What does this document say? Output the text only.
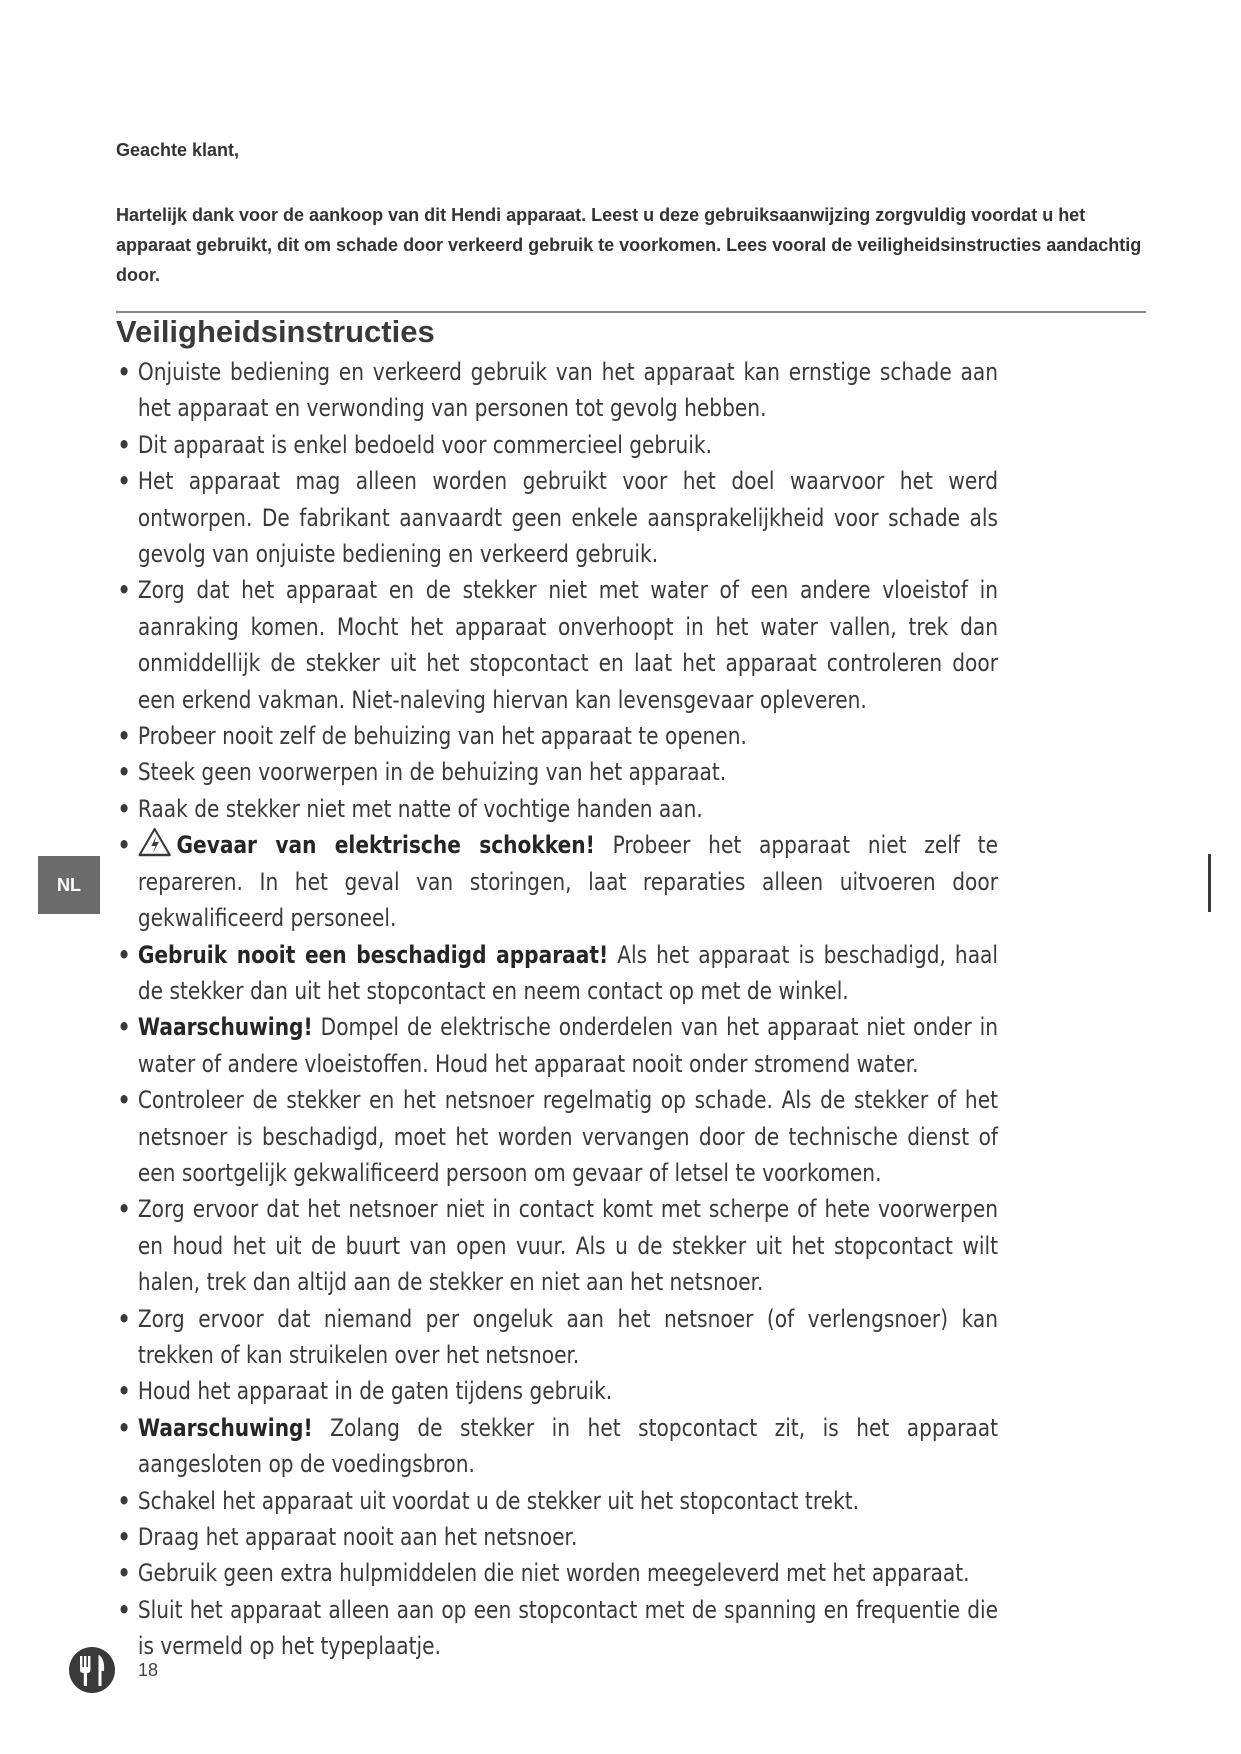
Geachte klant,
Hartelijk dank voor de aankoop van dit Hendi apparaat. Leest u deze gebruiksaanwijzing zorgvuldig voordat u het apparaat gebruikt, dit om schade door verkeerd gebruik te voorkomen. Lees vooral de veiligheidsinstructies aandachtig door.
Veiligheidsinstructies
• Onjuiste bediening en verkeerd gebruik van het apparaat kan ernstige schade aan het apparaat en verwonding van personen tot gevolg hebben.
• Dit apparaat is enkel bedoeld voor commercieel gebruik.
• Het apparaat mag alleen worden gebruikt voor het doel waarvoor het werd ontworpen. De fabrikant aanvaardt geen enkele aansprakelijkheid voor schade als gevolg van onjuiste bediening en verkeerd gebruik.
• Zorg dat het apparaat en de stekker niet met water of een andere vloeistof in aanraking komen. Mocht het apparaat onverhoopt in het water vallen, trek dan onmiddellijk de stekker uit het stopcontact en laat het apparaat controleren door een erkend vakman. Niet-naleving hiervan kan levensgevaar opleveren.
• Probeer nooit zelf de behuizing van het apparaat te openen.
• Steek geen voorwerpen in de behuizing van het apparaat.
• Raak de stekker niet met natte of vochtige handen aan.
• Gevaar van elektrische schokken! Probeer het apparaat niet zelf te repareren. In het geval van storingen, laat reparaties alleen uitvoeren door gekwalificeerd personeel.
• Gebruik nooit een beschadigd apparaat! Als het apparaat is beschadigd, haal de stekker dan uit het stopcontact en neem contact op met de winkel.
• Waarschuwing! Dompel de elektrische onderdelen van het apparaat niet onder in water of andere vloeistoffen. Houd het apparaat nooit onder stromend water.
• Controleer de stekker en het netsnoer regelmatig op schade. Als de stekker of het netsnoer is beschadigd, moet het worden vervangen door de technische dienst of een soortgelijk gekwalificeerd persoon om gevaar of letsel te voorkomen.
• Zorg ervoor dat het netsnoer niet in contact komt met scherpe of hete voorwerpen en houd het uit de buurt van open vuur. Als u de stekker uit het stopcontact wilt halen, trek dan altijd aan de stekker en niet aan het netsnoer.
• Zorg ervoor dat niemand per ongeluk aan het netsnoer (of verlengsnoer) kan trekken of kan struikelen over het netsnoer.
• Houd het apparaat in de gaten tijdens gebruik.
• Waarschuwing! Zolang de stekker in het stopcontact zit, is het apparaat aangesloten op de voedingsbron.
• Schakel het apparaat uit voordat u de stekker uit het stopcontact trekt.
• Draag het apparaat nooit aan het netsnoer.
• Gebruik geen extra hulpmiddelen die niet worden meegeleverd met het apparaat.
• Sluit het apparaat alleen aan op een stopcontact met de spanning en frequentie die is vermeld op het typeplaatje.
NL
18
